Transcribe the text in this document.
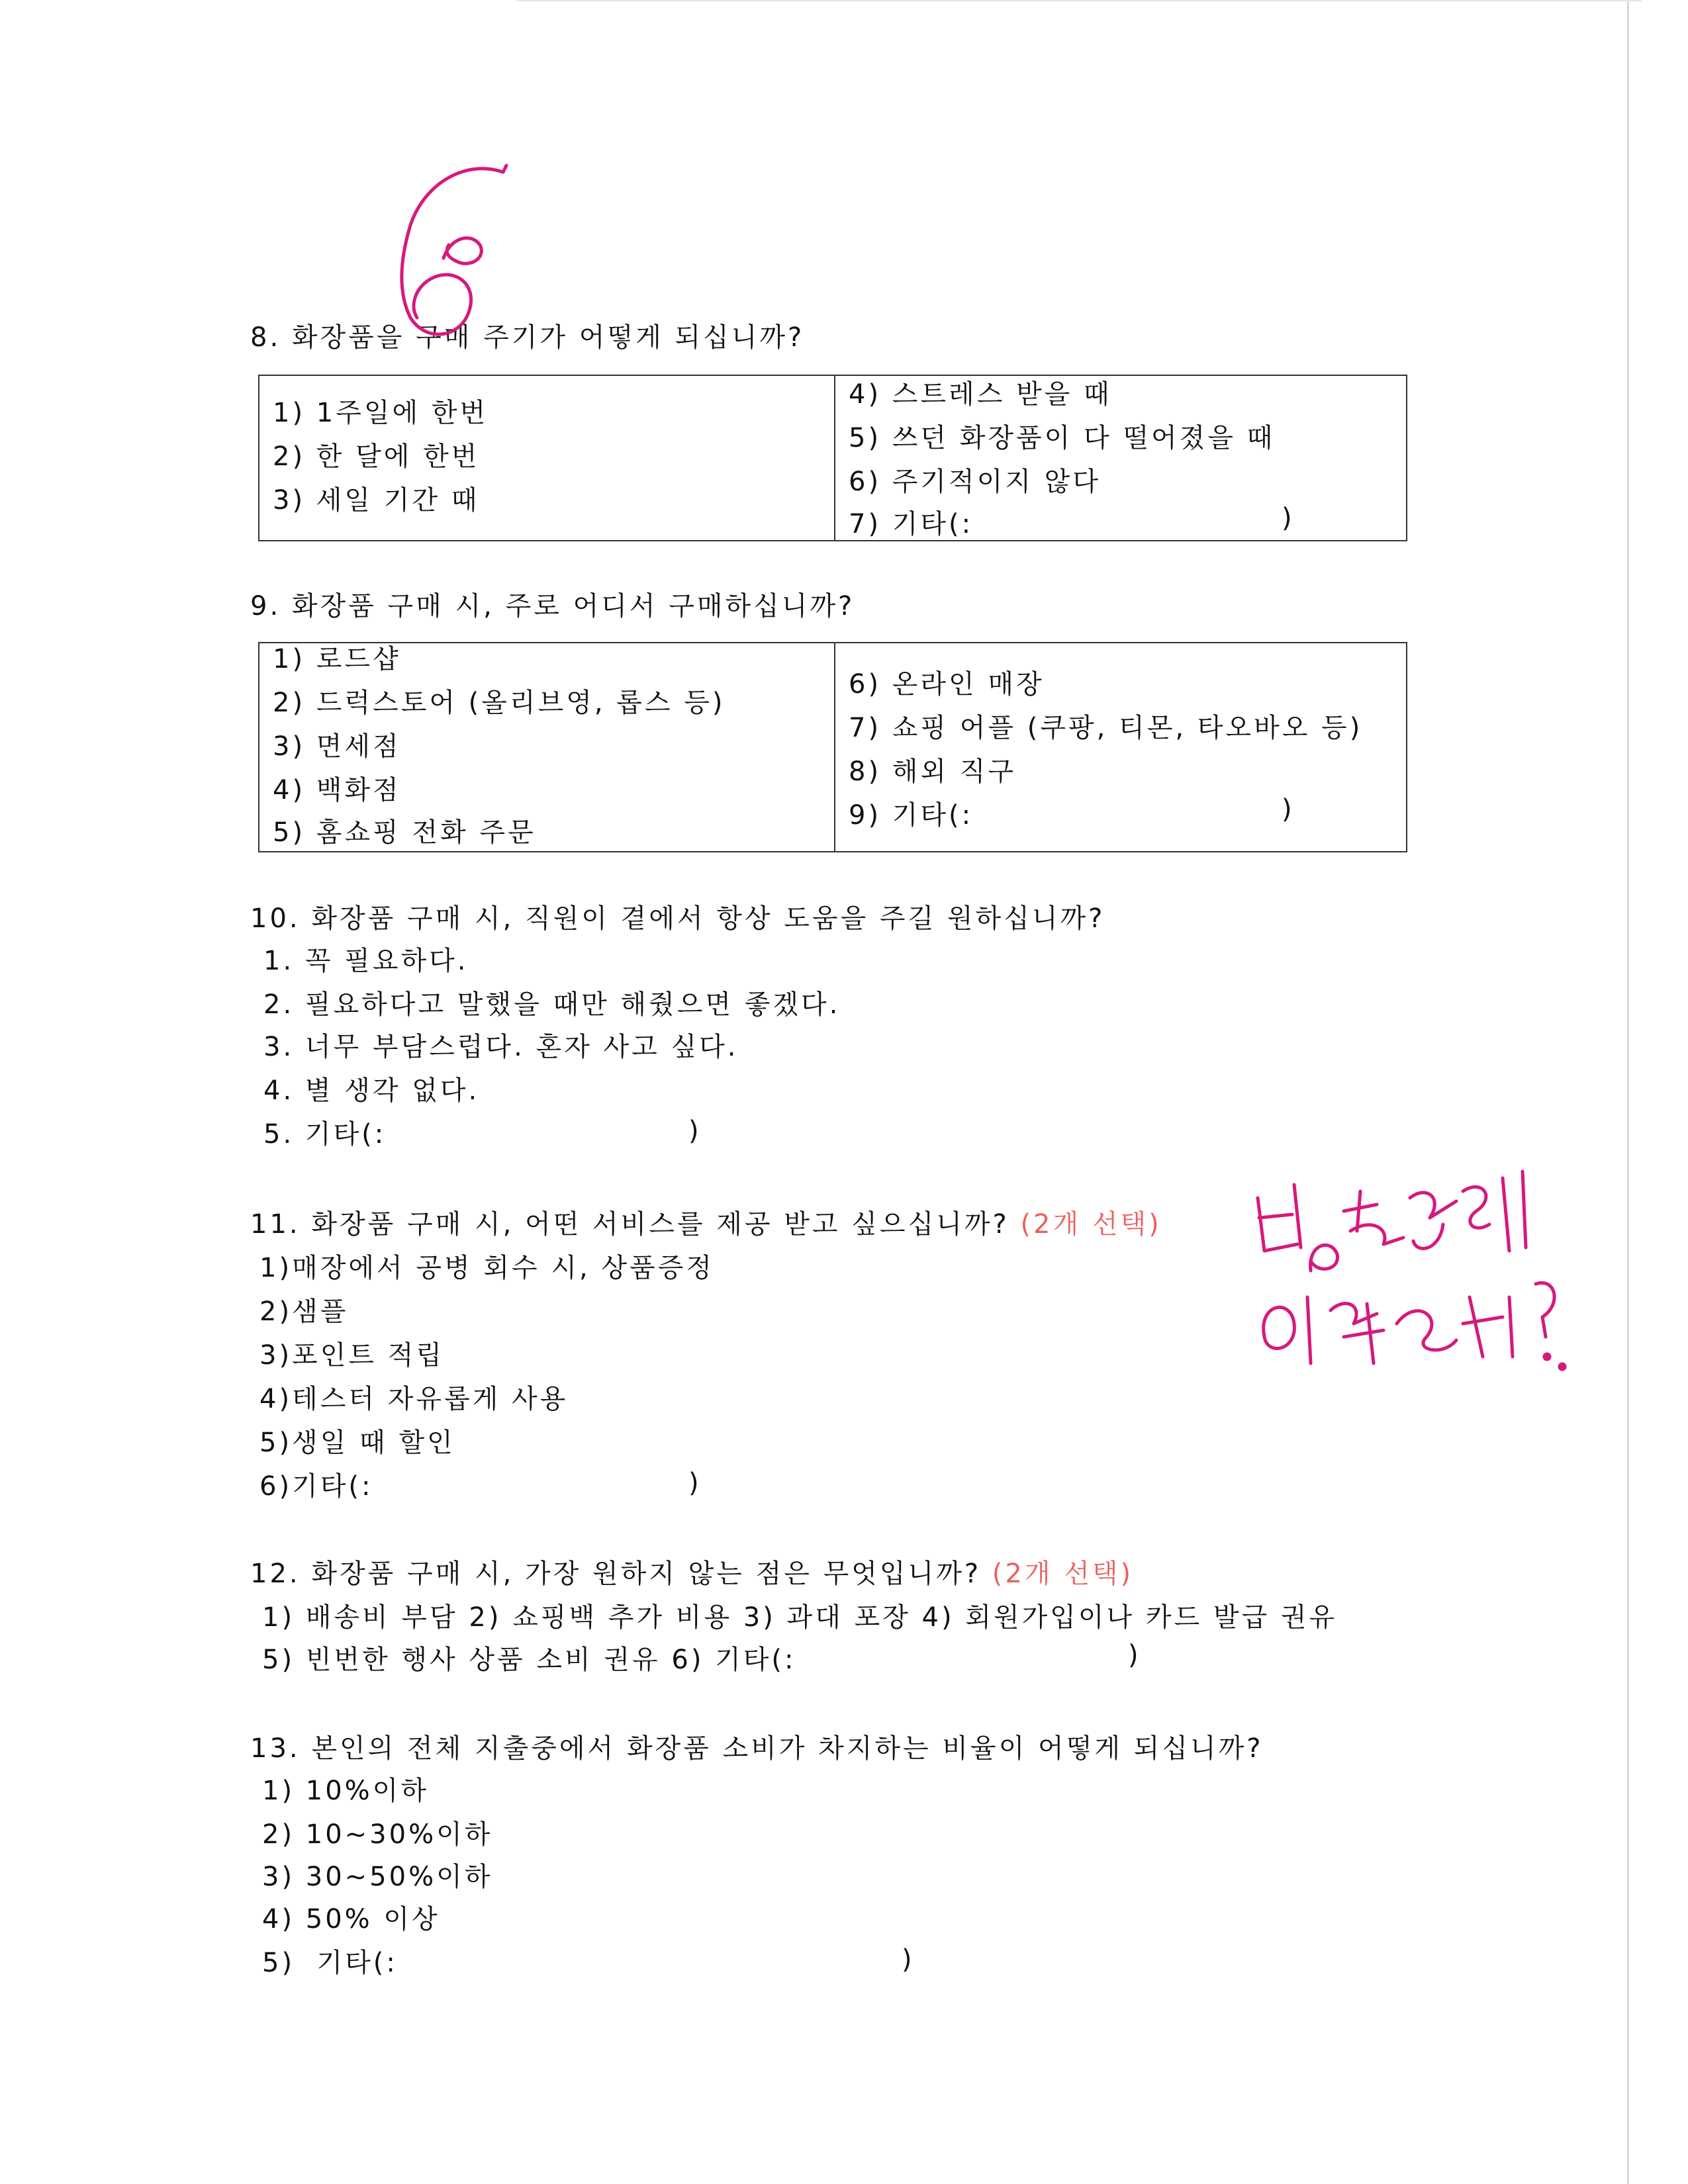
8. 화장품을 구매 주기가 어떻게 되십니까?
1) 1주일에 한번
2) 한 달에 한번
3) 세일 기간 때
4) 스트레스 받을 때
5) 쓰던 화장품이 다 떨어졌을 때
6) 주기적이지 않다
7) 기타(:	)
9. 화장품 구매 시, 주로 어디서 구매하십니까?
1) 로드샵
2) 드럭스토어 (올리브영, 롭스 등)
3) 면세점
4) 백화점
5) 홈쇼핑 전화 주문
6) 온라인 매장
7) 쇼핑 어플 (쿠팡, 티몬, 타오바오 등)
8) 해외 직구
9) 기타(:	)
10. 화장품 구매 시, 직원이 곁에서 항상 도움을 주길 원하십니까?
1. 꼭 필요하다.
2. 필요하다고 말했을 때만 해줬으면 좋겠다.
3. 너무 부담스럽다. 혼자 사고 싶다.
4. 별 생각 없다.
5. 기타(:	)
11. 화장품 구매 시, 어떤 서비스를 제공 받고 싶으십니까? (2개 선택)
1)매장에서 공병 회수 시, 상품증정
2)샘플
3)포인트 적립
4)테스터 자유롭게 사용
5)생일 때 할인
6)기타(:	)
12. 화장품 구매 시, 가장 원하지 않는 점은 무엇입니까? (2개 선택)
1) 배송비 부담 2) 쇼핑백 추가 비용 3) 과대 포장 4) 회원가입이나 카드 발급 권유
5) 빈번한 행사 상품 소비 권유 6) 기타(:	)
13. 본인의 전체 지출중에서 화장품 소비가 차지하는 비율이 어떻게 되십니까?
1) 10%이하
2) 10~30%이하
3) 30~50%이하
4) 50% 이상
5)  기타(:	)
